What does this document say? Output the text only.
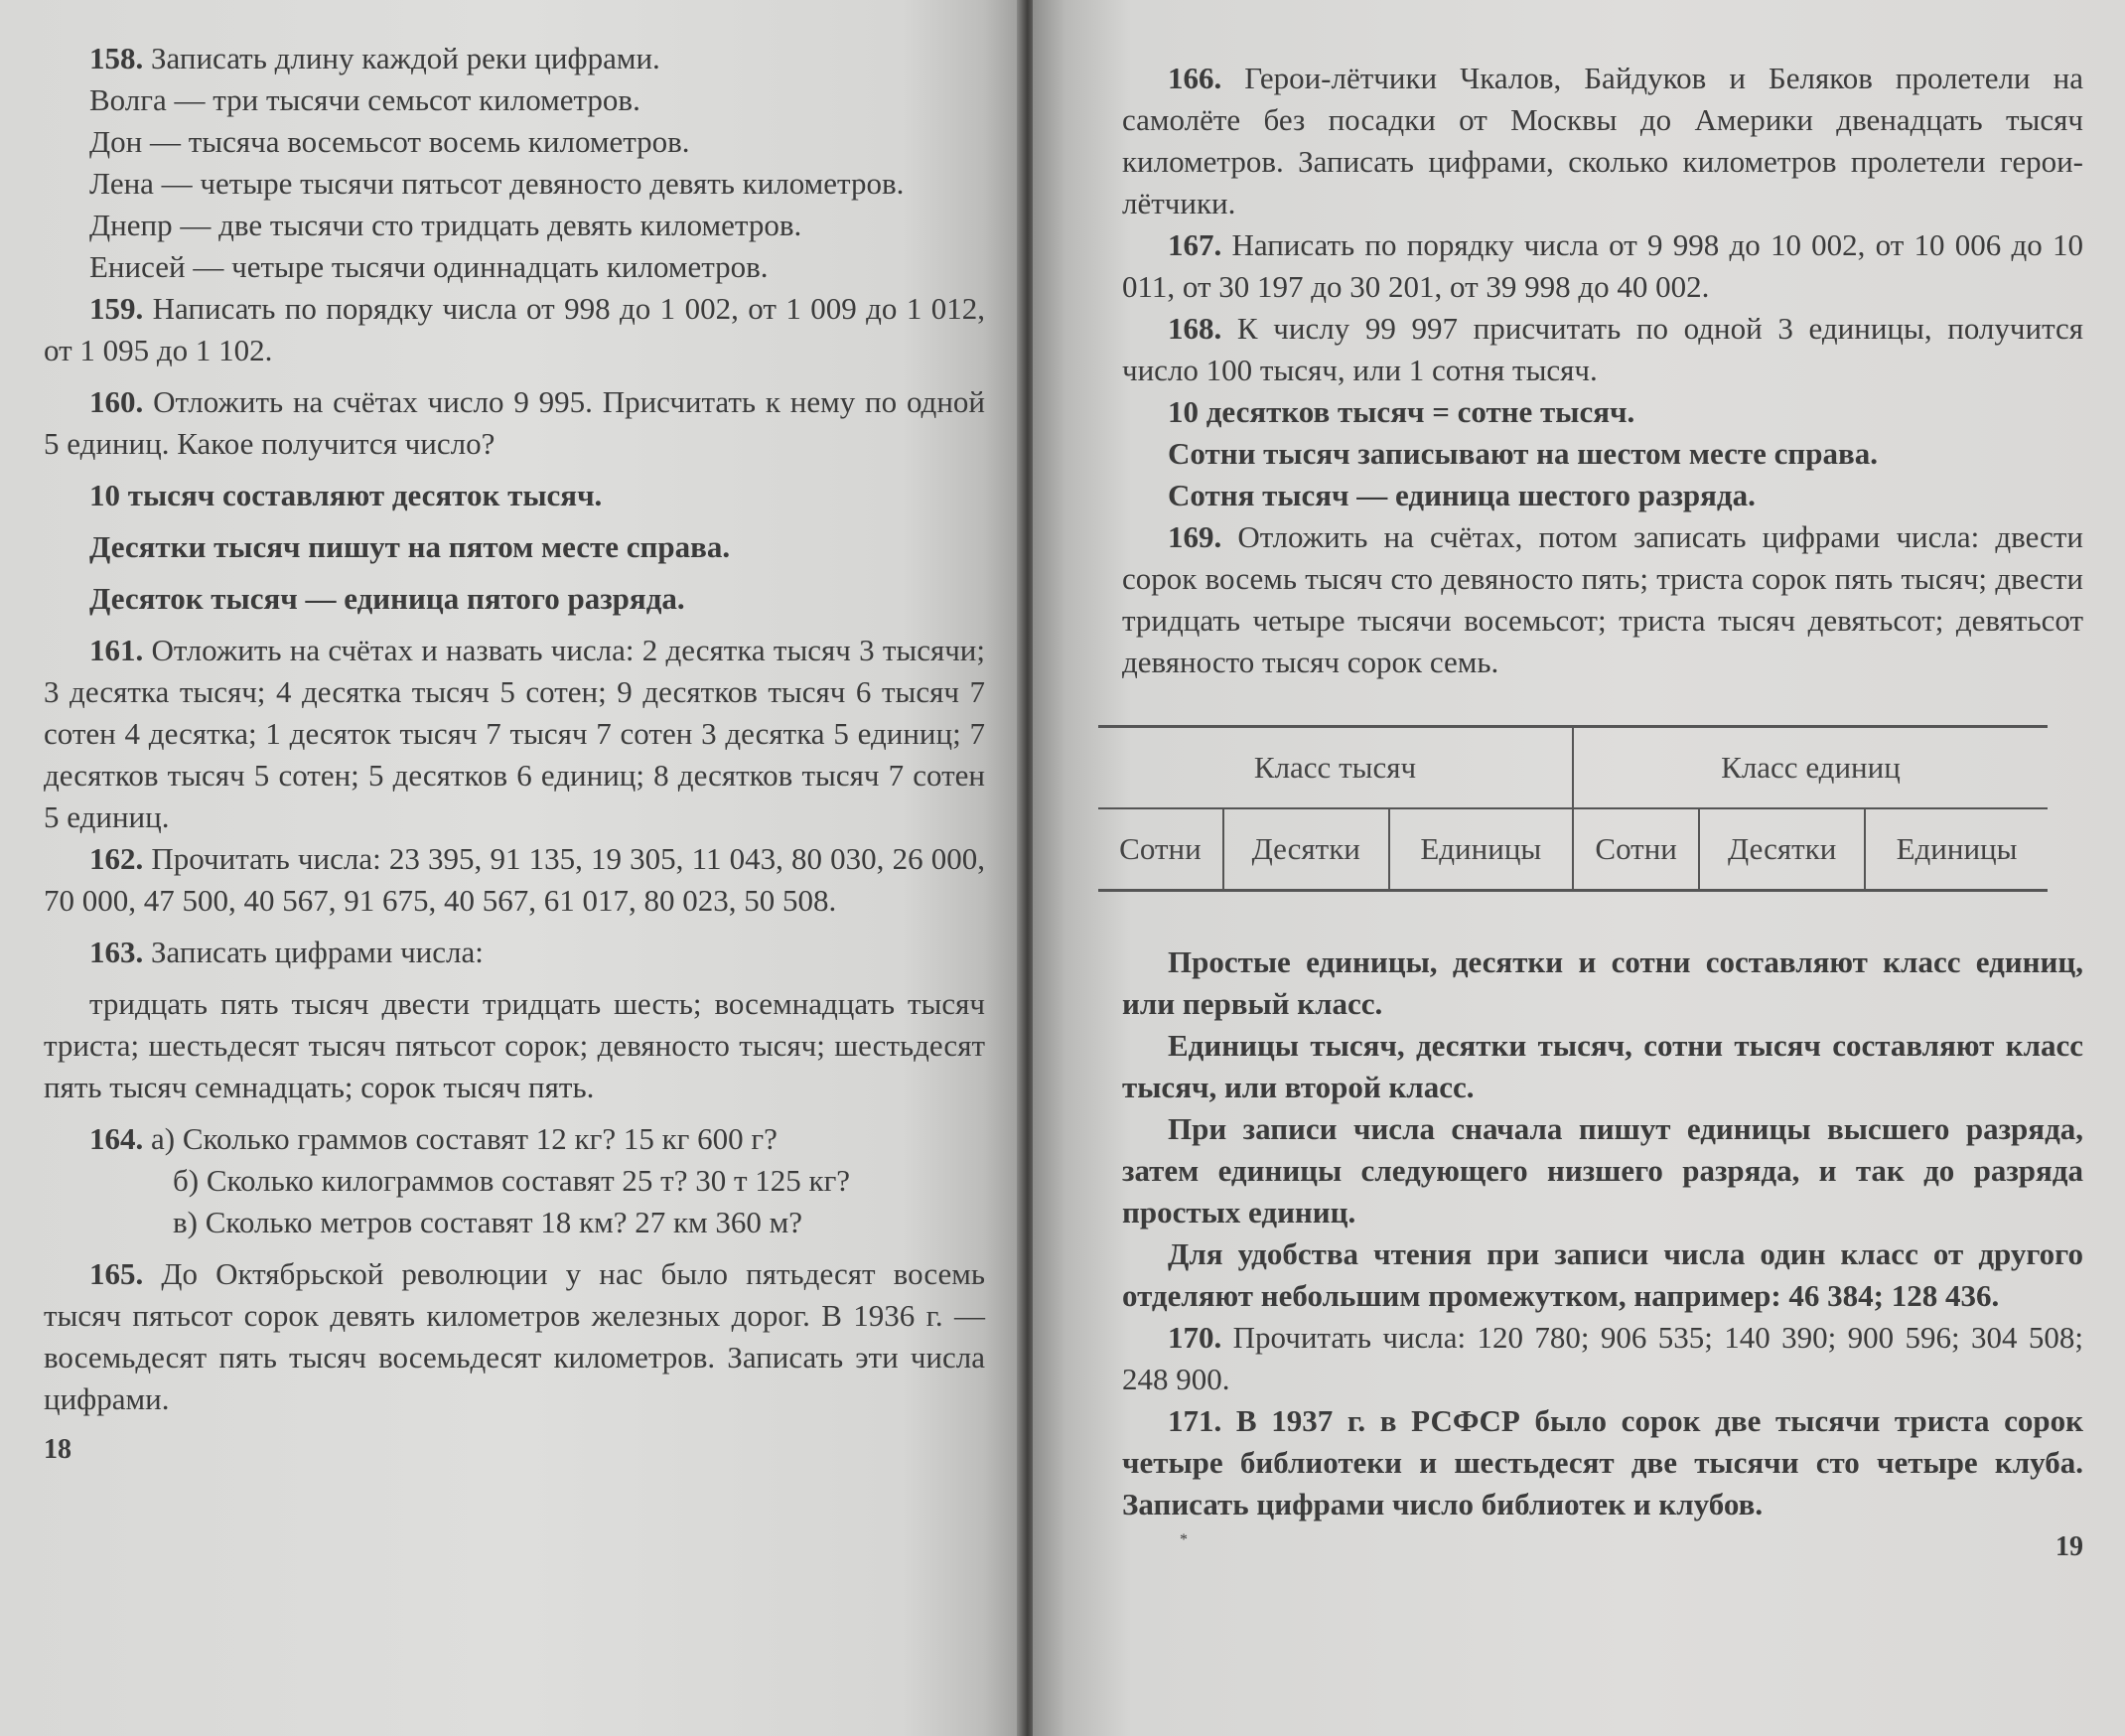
158. Записать длину каждой реки цифрами.

Волга — три тысячи семьсот километров.

Дон — тысяча восемьсот восемь километров.

Лена — четыре тысячи пятьсот девяносто девять километров.

Днепр — две тысячи сто тридцать девять километров.

Енисей — четыре тысячи одиннадцать километров.

159. Написать по порядку числа от 998 до 1 002, от 1 009 до 1 012, от 1 095 до 1 102.

160. Отложить на счётах число 9 995. Присчитать к нему по одной 5 единиц. Какое получится число?

10 тысяч составляют десяток тысяч.

Десятки тысяч пишут на пятом месте справа.

Десяток тысяч — единица пятого разряда.

161. Отложить на счётах и назвать числа: 2 десятка тысяч 3 тысячи; 3 десятка тысяч; 4 десятка тысяч 5 сотен; 9 десятков тысяч 6 тысяч 7 сотен 4 десятка; 1 десяток тысяч 7 тысяч 7 сотен 3 десятка 5 единиц; 7 десятков тысяч 5 сотен; 5 десятков 6 единиц; 8 десятков тысяч 7 сотен 5 единиц.

162. Прочитать числа: 23 395, 91 135, 19 305, 11 043, 80 030, 26 000, 70 000, 47 500, 40 567, 91 675, 40 567, 61 017, 80 023, 50 508.

163. Записать цифрами числа:

тридцать пять тысяч двести тридцать шесть; восемнадцать тысяч триста; шестьдесят тысяч пятьсот сорок; девяносто тысяч; шестьдесят пять тысяч семнадцать; сорок тысяч пять.

164. а) Сколько граммов составят 12 кг? 15 кг 600 г?

б) Сколько килограммов составят 25 т? 30 т 125 кг?

в) Сколько метров составят 18 км? 27 км 360 м?

165. До Октябрьской революции у нас было пятьдесят восемь тысяч пятьсот сорок девять километров железных дорог. В 1936 г. — восемьдесят пять тысяч восемьдесят километров. Записать эти числа цифрами.

18

166. Герои-лётчики Чкалов, Байдуков и Беляков пролетели на самолёте без посадки от Москвы до Америки двенадцать тысяч километров. Записать цифрами, сколько километров пролетели герои-лётчики.

167. Написать по порядку числа от 9 998 до 10 002, от 10 006 до 10 011, от 30 197 до 30 201, от 39 998 до 40 002.

168. К числу 99 997 присчитать по одной 3 единицы, получится число 100 тысяч, или 1 сотня тысяч.

10 десятков тысяч = сотне тысяч.

Сотни тысяч записывают на шестом месте справа.

Сотня тысяч — единица шестого разряда.

169. Отложить на счётах, потом записать цифрами числа: двести сорок восемь тысяч сто девяносто пять; триста сорок пять тысяч; двести тридцать четыре тысячи восемьсот; триста тысяч девятьсот; девятьсот девяносто тысяч сорок семь.

Класс тысяч			Класс единиц		
Сотни	Десятки	Единицы	Сотни	Десятки	Единицы

Простые единицы, десятки и сотни составляют класс единиц, или первый класс.

Единицы тысяч, десятки тысяч, сотни тысяч составляют класс тысяч, или второй класс.

При записи числа сначала пишут единицы высшего разряда, затем единицы следующего низшего разряда, и так до разряда простых единиц.

Для удобства чтения при записи числа один класс от другого отделяют небольшим промежутком, например: 46 384; 128 436.

170. Прочитать числа: 120 780; 906 535; 140 390; 900 596; 304 508; 248 900.

171. В 1937 г. в РСФСР было сорок две тысячи триста сорок четыре библиотеки и шестьдесят две тысячи сто четыре клуба. Записать цифрами число библиотек и клубов.

*	19
